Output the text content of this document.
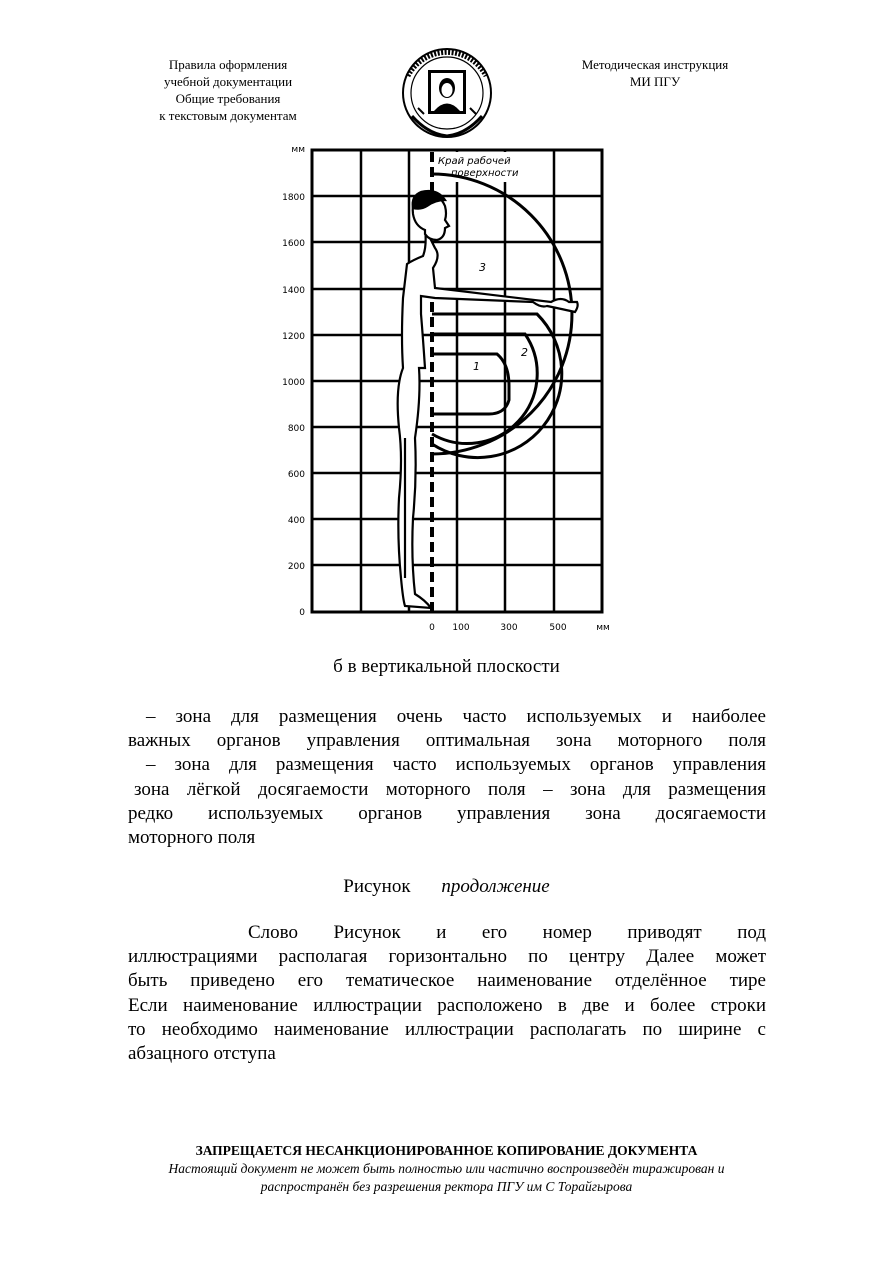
Правила оформления
учебной документации
Общие требования
к текстовым документам
Методическая инструкция
МИ ПГУ
мм
0
200
400
600
800
1000
1200
1400
1600
1800
0 100	300	500	мм
Край рабочей
поверхности
3
2
1
б в вертикальной плоскости
– зона для размещения очень часто используемых и наиболее
важных органов управления оптимальная зона моторного поля
– зона для размещения часто используемых органов управления
зона лёгкой досягаемости моторного поля – зона для размещения
редко используемых органов управления зона досягаемости
моторного поля
Рисунок продолжение
Слово Рисунок и его номер приводят под
иллюстрациями располагая горизонтально по центру Далее может
быть приведено его тематическое наименование отделённое тире
Если наименование иллюстрации расположено в две и более строки
то необходимо наименование иллюстрации располагать по ширине с
абзацного отступа
ЗАПРЕЩАЕТСЯ НЕСАНКЦИОНИРОВАННОЕ КОПИРОВАНИЕ ДОКУМЕНТА
Настоящий документ не может быть полностью или частично воспроизведён тиражирован и
распространён без разрешения ректора ПГУ им С Торайгырова
